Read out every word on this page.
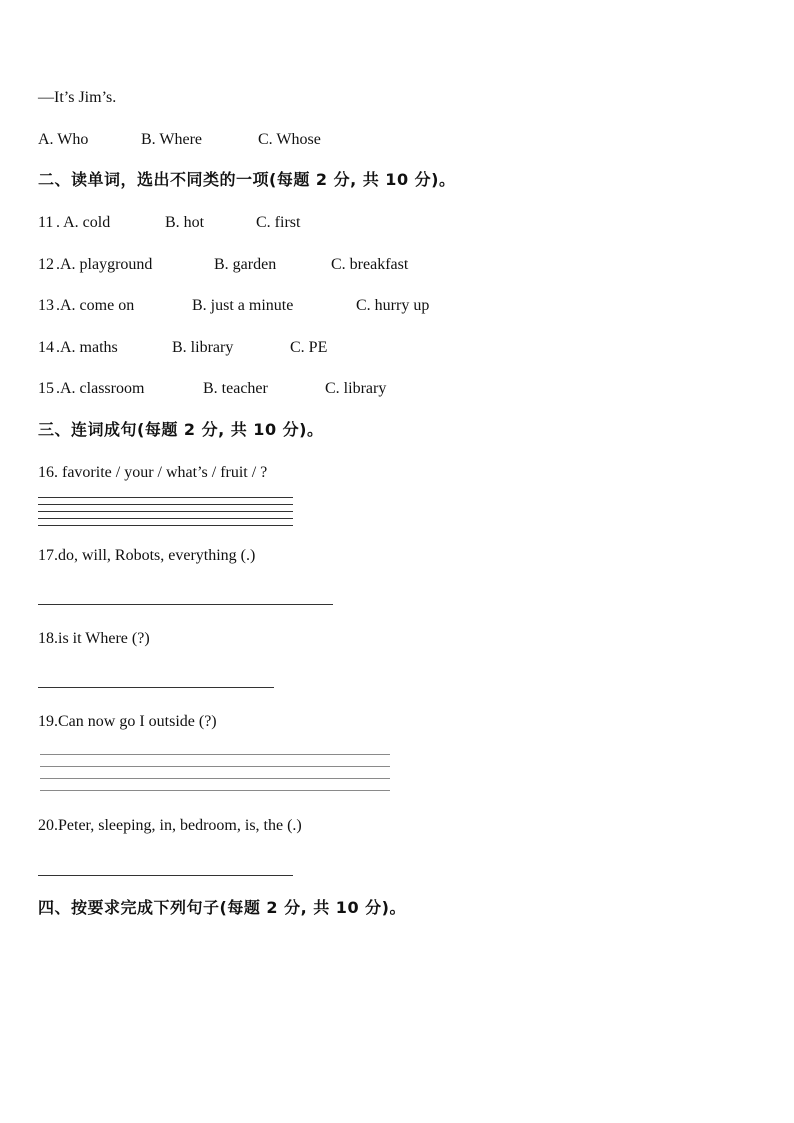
—It’s Jim’s.
A. Who	B. Where	C. Whose
二、读单词，选出不同类的一项(每题 2 分, 共 10 分)。
11 . A. cold	B. hot	C. first
12 .A. playground	B. garden	C. breakfast
13 .A. come on	B. just a minute	C. hurry up
14 .A. maths	B. library	C. PE
15 .A. classroom	B. teacher	C. library
三、连词成句(每题 2 分, 共 10 分)。
16. favorite / your / what’s / fruit / ?
17.do, will, Robots, everything (.)
18.is it Where (?)
19.Can now go I outside (?)
20.Peter, sleeping, in, bedroom, is, the (.)
四、按要求完成下列句子(每题 2 分, 共 10 分)。
